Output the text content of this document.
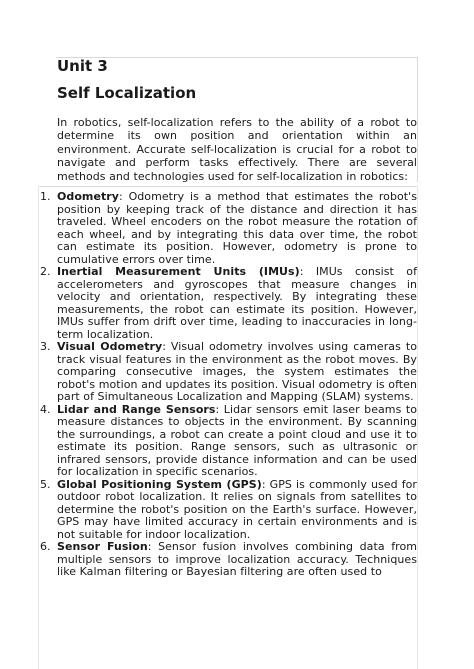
Unit 3
Self Localization

In robotics, self-localization refers to the ability of a robot to determine its own position and orientation within an environment. Accurate self-localization is crucial for a robot to navigate and perform tasks effectively. There are several methods and technologies used for self-localization in robotics:

1. Odometry: Odometry is a method that estimates the robot's position by keeping track of the distance and direction it has traveled. Wheel encoders on the robot measure the rotation of each wheel, and by integrating this data over time, the robot can estimate its position. However, odometry is prone to cumulative errors over time.
2. Inertial Measurement Units (IMUs): IMUs consist of accelerometers and gyroscopes that measure changes in velocity and orientation, respectively. By integrating these measurements, the robot can estimate its position. However, IMUs suffer from drift over time, leading to inaccuracies in long-term localization.
3. Visual Odometry: Visual odometry involves using cameras to track visual features in the environment as the robot moves. By comparing consecutive images, the system estimates the robot's motion and updates its position. Visual odometry is often part of Simultaneous Localization and Mapping (SLAM) systems.
4. Lidar and Range Sensors: Lidar sensors emit laser beams to measure distances to objects in the environment. By scanning the surroundings, a robot can create a point cloud and use it to estimate its position. Range sensors, such as ultrasonic or infrared sensors, provide distance information and can be used for localization in specific scenarios.
5. Global Positioning System (GPS): GPS is commonly used for outdoor robot localization. It relies on signals from satellites to determine the robot's position on the Earth's surface. However, GPS may have limited accuracy in certain environments and is not suitable for indoor localization.
6. Sensor Fusion: Sensor fusion involves combining data from multiple sensors to improve localization accuracy. Techniques like Kalman filtering or Bayesian filtering are often used to
